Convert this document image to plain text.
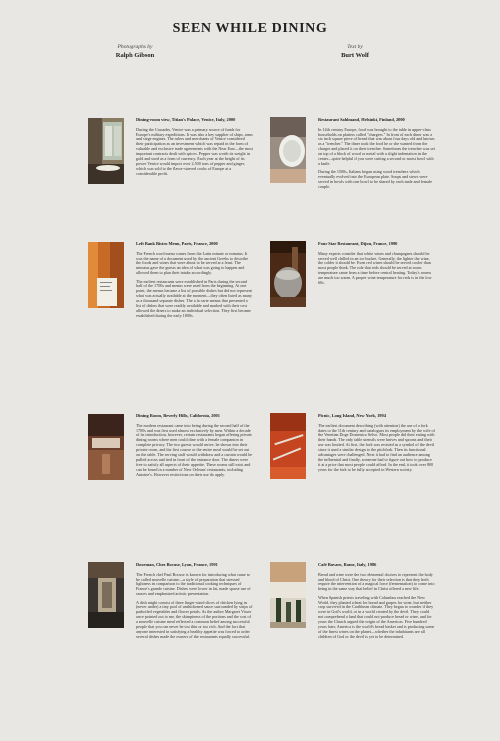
SEEN WHILE DINING
Photographs by
Ralph Gibson
Text by
Burt Wolf
Dining-room view, Titian's Palace, Venice, Italy, 2000

During the Crusades, Venice was a primary source of funds for Europe's military expeditions. It was also a key supplier of ships, arms and siege engines. The rulers and merchants of Venice considered their participation as an investment which was repaid in the form of valuable and exclusive trade agreements with the Near East—the most important contracts dealt with spices. Pepper was worth its weight in gold and used as a form of currency. Each year at the height of its power Venice would import over 2,500 tons of pepper and ginger, which was sold to the flavor-starved cooks of Europe at a considerable profit.

Restaurant Sahlmand, Helsinki, Finland, 2000

In 14th century Europe, food was brought to the table in upper-class households on platters called "chargers." In front of each diner was a six inch square piece of bread that was about four days old and known as a "trencher." The diner took the food he or she wanted from the charger and placed it on their trencher. Sometimes the trencher was set on top of a block of wood or metal with a slight indentation in the center—quite helpful if you were cutting a second or moist bowl with a knife.

During the 1500s, Italians began using wood trenchers which eventually evolved into the European plate. Soups and stews were served in bowls with one bowl to be shared by each male and female couple.

Left Bank Bistro Menu, Paris, France, 2000

The French word menu comes from the Latin minute or minutus. It was the name of a document used by the ancient Greeks to describe the foods and wines that were about to be served at a feast. The minutus gave the guests an idea of what was going to happen and allowed them to plan their intake accordingly.

The earliest restaurants were established in Paris during the second half of the 1700s and menus were used from the beginning. At one point, the menus became a list of possible dishes but did not represent what was actually available at the moment—they often listed as many as a thousand separate dishes. The a la carte menus that presented a list of dishes that were readily available and marked with their cost allowed the diners to make an individual selection. They first became established during the early 1800s.

Four Star Restaurant, Dijon, France, 1990

Many experts consider that white wines and champagnes should be served well chilled in an ice bucket. Generally, the lighter the wine, the colder it should be. Even red wines should be served cooler than most people think. The rule that reds should be served at room temperature came from a time before central heating. Today's rooms are much too warm. A proper wine temperature for reds is in the low 60s.

Dining Room, Beverly Hills, California, 2001

The modern restaurant came into being during the second half of the 1700s and was first used almost exclusively by men. Within a decade of its introduction, however, certain restaurants began offering private dining rooms where men could dine with a female companion in complete privacy. The two guests would arrive, be shown into their private room, and the first course or the entire meal would be set out on the table. The serving staff would withdraw and a curtain would be pulled across and tied in front of the entrance door. The diners were free to satisfy all aspects of their appetite. These rooms still exist and can be found in a number of New Orleans' restaurants, including Antoine's. However restrictions on their use do apply.

Picnic, Long Island, New York, 1994

The earliest document describing (with attention) the use of a fork dates to the 11th century and catalogues its employment by the wife of the Venetian Doge Domenico Selvo. Most people did their eating with their hands. The only table utensils were knives and spoons and their use was limited. At first, the fork was resisted as a symbol of the devil since it used a similar design to the pitchfork. Then its functional advantages were challenged. Next it had to find an audience among the influential and finally, someone had to figure out how to produce it at a price that most people could afford. In the end, it took over 800 years for the fork to be fully accepted in Western society.

Doorman, Chez Bocuse, Lyon, France, 1991

The French chef Paul Bocuse is known for introducing what came to be called nouvelle cuisine—a style of preparation that stressed lightness in comparison to the traditional cooking techniques of France's grande cuisine. Dishes were lower in fat, made sparse use of sauces and emphasized artistic presentation.

A dish might consist of three finger-sized slices of chicken lying in (never under) a tiny pool of unthickened sauce surrounded by strips of parboiled vegetables and flower petals. As the author Margaret Visser once pointed out to me, the skimpiness of the portions and the cost of a nouvelle cuisine meal reflected a common belief among successful people that you can never be too thin or too rich. And the fact that anyone interested in satisfying a healthy appetite was forced to order several dishes made the owners of the restaurants equally successful.

Café Bavaro, Rome, Italy, 1986

Bread and wine were the two elemental choices to represent the body and blood of Christ. One theory for their selection is that they both require the intervention of a magical force (fermentation) to come into being in the same way that belief in Christ offered a new life.

When Spanish priests traveling with Columbus reached the New World, they planted wheat for bread and grapes for wine, but neither crop survived in the Caribbean climate. They began to wonder if they were in God's world, or in a world created by the devil. They could not comprehend a land that could not produce bread or wine, and for years the Church argued the origin of the Americas. Five hundred years later, America is the world's bread basket and is producing some of the finest wines on the planet—whether the inhabitants are all children of God or the devil is yet to be determined.
